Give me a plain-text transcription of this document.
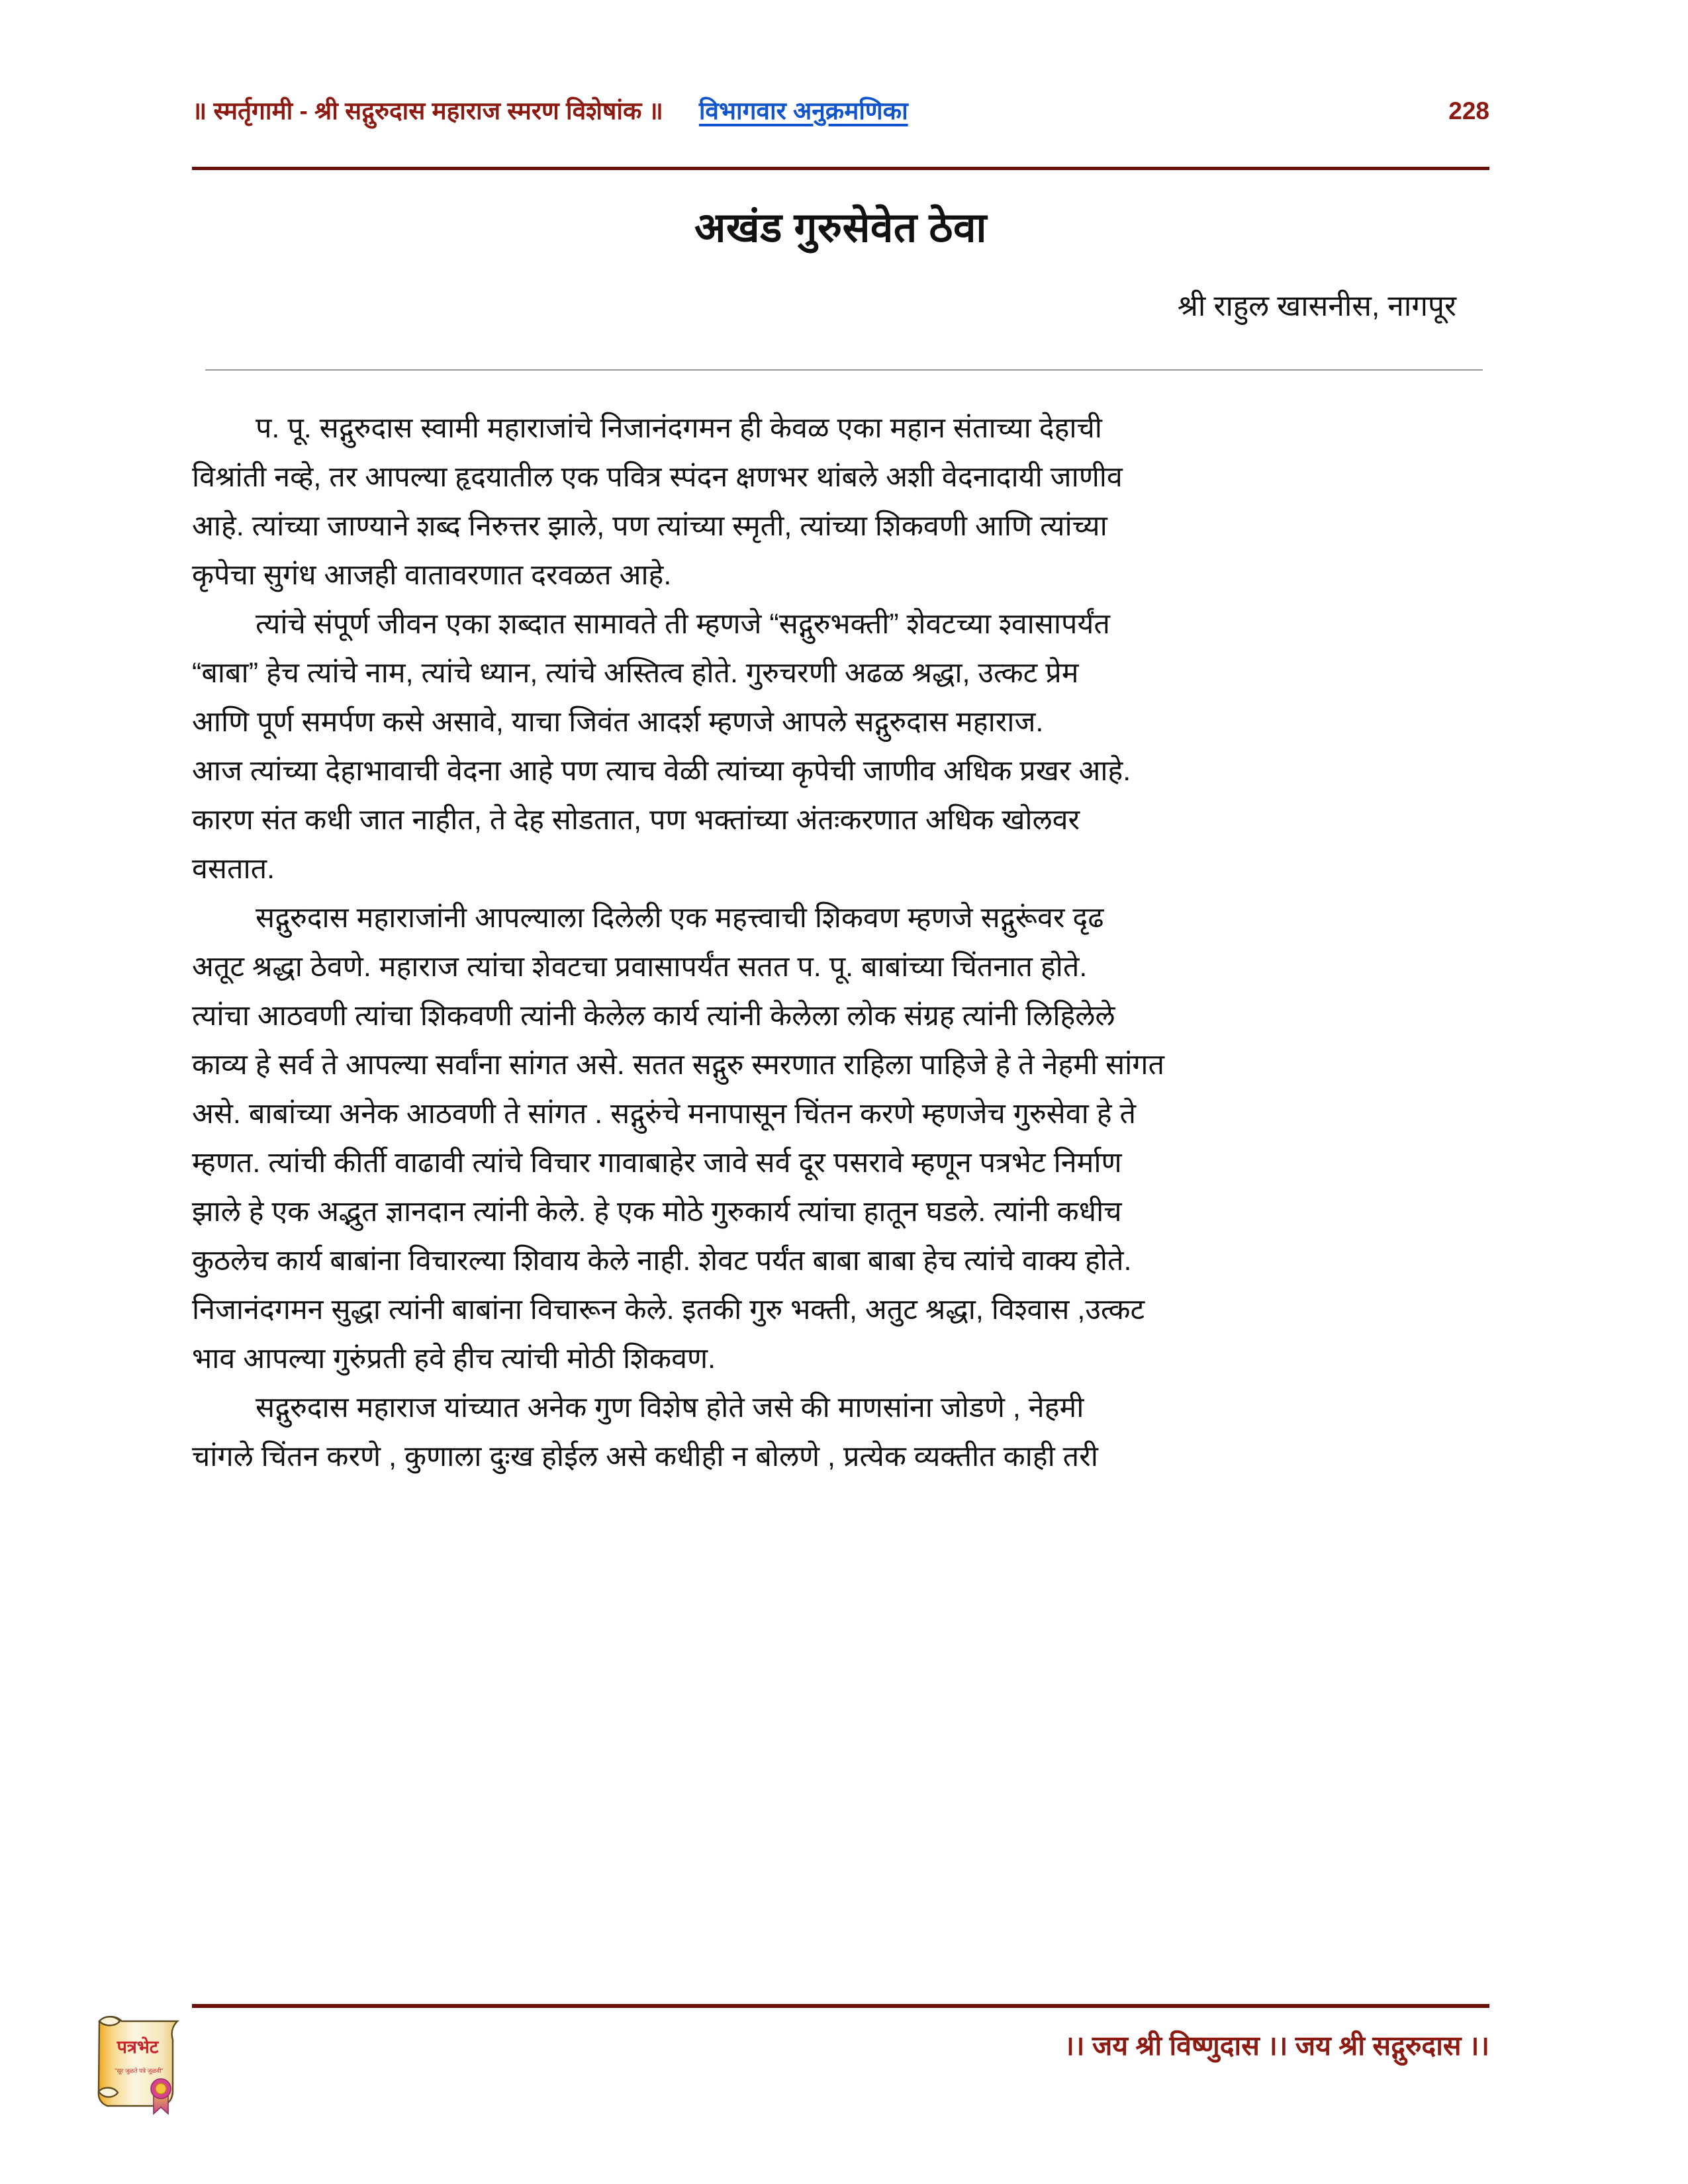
॥ स्मर्तृगामी - श्री सद्गुरुदास महाराज स्मरण विशेषांक ॥ विभागवार अनुक्रमणिका	228
अखंड गुरुसेवेत ठेवा
श्री राहुल खासनीस, नागपूर

प. पू. सद्गुरुदास स्वामी महाराजांचे निजानंदगमन ही केवळ एका महान संताच्या देहाची
विश्रांती नव्हे, तर आपल्या हृदयातील एक पवित्र स्पंदन क्षणभर थांबले अशी वेदनादायी जाणीव
आहे. त्यांच्या जाण्याने शब्द निरुत्तर झाले, पण त्यांच्या स्मृती, त्यांच्या शिकवणी आणि त्यांच्या
कृपेचा सुगंध आजही वातावरणात दरवळत आहे.

त्यांचे संपूर्ण जीवन एका शब्दात सामावते ती म्हणजे “सद्गुरुभक्ती” शेवटच्या श्वासापर्यंत
“बाबा” हेच त्यांचे नाम, त्यांचे ध्यान, त्यांचे अस्तित्व होते. गुरुचरणी अढळ श्रद्धा, उत्कट प्रेम
आणि पूर्ण समर्पण कसे असावे, याचा जिवंत आदर्श म्हणजे आपले सद्गुरुदास महाराज.
आज त्यांच्या देहाभावाची वेदना आहे पण त्याच वेळी त्यांच्या कृपेची जाणीव अधिक प्रखर आहे.
कारण संत कधी जात नाहीत, ते देह सोडतात, पण भक्तांच्या अंतःकरणात अधिक खोलवर
वसतात.

सद्गुरुदास महाराजांनी आपल्याला दिलेली एक महत्त्वाची शिकवण म्हणजे सद्गुरूंवर दृढ
अतूट श्रद्धा ठेवणे. महाराज त्यांचा शेवटचा प्रवासापर्यंत सतत प. पू. बाबांच्या चिंतनात होते.
त्यांचा आठवणी त्यांचा शिकवणी त्यांनी केलेल कार्य त्यांनी केलेला लोक संग्रह त्यांनी लिहिलेले
काव्य हे सर्व ते आपल्या सर्वांना सांगत असे. सतत सद्गुरु स्मरणात राहिला पाहिजे हे ते नेहमी सांगत
असे. बाबांच्या अनेक आठवणी ते सांगत . सद्गुरुंचे मनापासून चिंतन करणे म्हणजेच गुरुसेवा हे ते
म्हणत. त्यांची कीर्ती वाढावी त्यांचे विचार गावाबाहेर जावे सर्व दूर पसरावे म्हणून पत्रभेट निर्माण
झाले हे एक अद्भुत ज्ञानदान त्यांनी केले. हे एक मोठे गुरुकार्य त्यांचा हातून घडले. त्यांनी कधीच
कुठलेच कार्य बाबांना विचारल्या शिवाय केले नाही. शेवट पर्यंत बाबा बाबा हेच त्यांचे वाक्य होते.
निजानंदगमन सुद्धा त्यांनी बाबांना विचारून केले. इतकी गुरु भक्ती, अतुट श्रद्धा, विश्वास ,उत्कट
भाव आपल्या गुरुंप्रती हवे हीच त्यांची मोठी शिकवण.

सद्गुरुदास महाराज यांच्यात अनेक गुण विशेष होते जसे की माणसांना जोडणे , नेहमी
चांगले चिंतन करणे , कुणाला दुःख होईल असे कधीही न बोलणे , प्रत्येक व्यक्तीत काही तरी

।। जय श्री विष्णुदास ।। जय श्री सद्गुरुदास ।।
पत्रभेट
"सूर जुळते पत्रे जुळवी"
